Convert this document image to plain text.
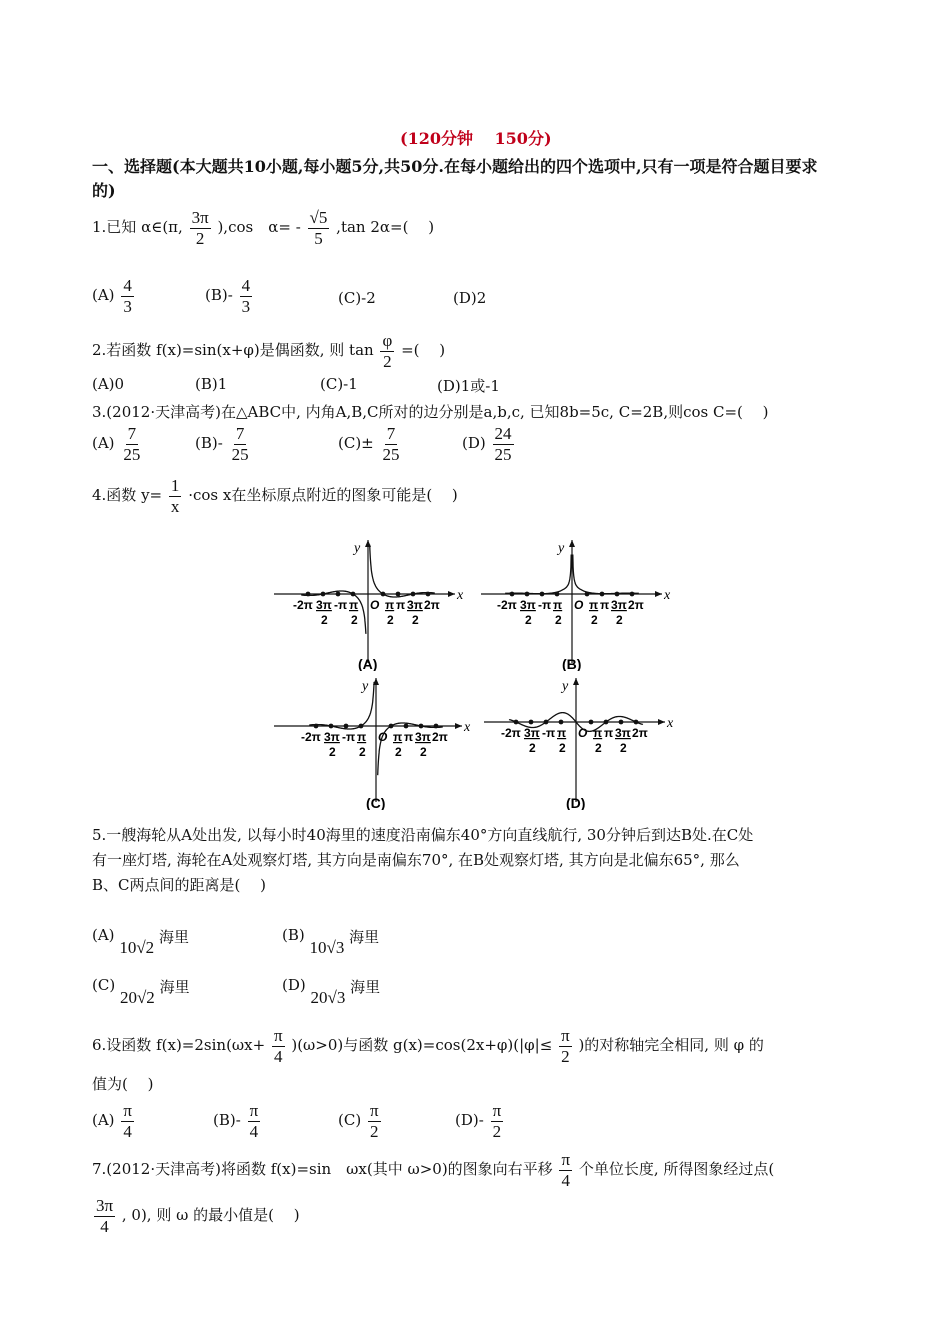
(120分钟　 150分)
一、选择题(本大题共10小题,每小题5分,共50分.在每小题给出的四个选项中,只有一项是符合题目要求
的)
1.已知 α∈(π, $\frac{3\pi}{2} ),\cos$　$\alpha= - \frac{√5}{5} ,\tan$ 2α=(　 )
$(A) \frac{4}{3}$	$(B)- \frac{4}{3}$	(C)-2	(D)2
2.若函数 f(x)=sin(x+φ)是偶函数, 则 $\tan \frac{\varphi}{2}$ =(　 )
(A)0	(B)1	(C)-1	(D)1或-1
3.(2012·天津高考)在△ABC中, 内角A,B,C所对的边分别是a,b,c, 已知8b=5c, C=2B,则cos C=(　 )
$(A) \frac{7}{25}$	$(B)- \frac{7}{25}$	$(C)\pm \frac{7}{25}$	$(D) \frac{24}{25}$
4.函数 $y= \frac{1}{x} \cdot\cos$ x在坐标原点附近的图象可能是(　 )
x
y
-2π 3π
2
-π π
2
O π
2
π 3π
2
2π
(A)
x
y
-2π 3π
2
-π π
2
O π
2
π 3π
2
2π
(B)
x
y
-2π 3π
2
-π π
2
O π
2
π 3π
2
2π
(C)
x
y
-2π 3π
2
-π π
2
O π
2
π 3π
2
2π
(D)
5.一艘海轮从A处出发, 以每小时40海里的速度沿南偏东40°方向直线航行, 30分钟后到达B处.在C处
有一座灯塔, 海轮在A处观察灯塔, 其方向是南偏东70°, 在B处观察灯塔, 其方向是北偏东65°, 那么
B、C两点间的距离是(　 )
(A) 10√2 海里	(B) 10√3 海里
(C) 20√2 海里	(D) 20√3 海里
6.设函数 $f(x)=2\sin(\omega x+ \frac{\pi}{4} )(\omega>0)$与函数 $g(x)=\cos(2x+\varphi)(|\varphi|\le \frac{\pi}{2}$ )的对称轴完全相同, 则 φ 的
值为(　 )
$(A) \frac{\pi}{4}$	$(B)- \frac{\pi}{4}$	$(C) \frac{\pi}{2}$	$(D)- \frac{\pi}{2}$
7.(2012·天津高考)将函数 f(x)=sin　ωx(其中 ω>0)的图象向右平移 $\frac{\pi}{4}$ 个单位长度, 所得图象经过点(
$\frac{3\pi}{4}$ , 0), 则 ω 的最小值是(　 )
